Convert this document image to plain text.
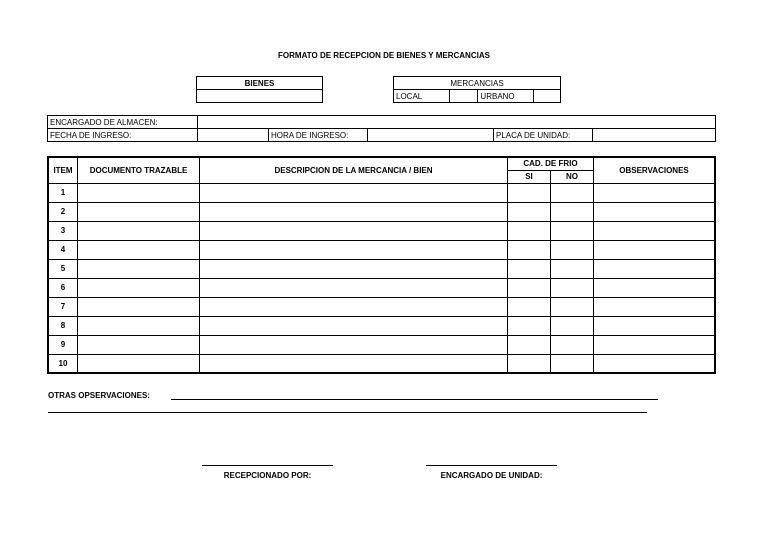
FORMATO DE RECEPCION DE BIENES Y MERCANCIAS
BIENES	MERCANCIAS
LOCAL		URBANO	
ENCARGADO DE ALMACEN:					
FECHA DE INGRESO:		HORA DE INGRESO:		PLACA DE UNIDAD:	
ITEM	DOCUMENTO TRAZABLE	DESCRIPCION DE LA MERCANCIA / BIEN	CAD. DE FRIO		OBSERVACIONES
			SI	NO	
1					
2					
3					
4					
5					
6					
7					
8					
9					
10					
OTRAS OPSERVACIONES:
RECEPCIONADO POR:	ENCARGADO DE UNIDAD:
